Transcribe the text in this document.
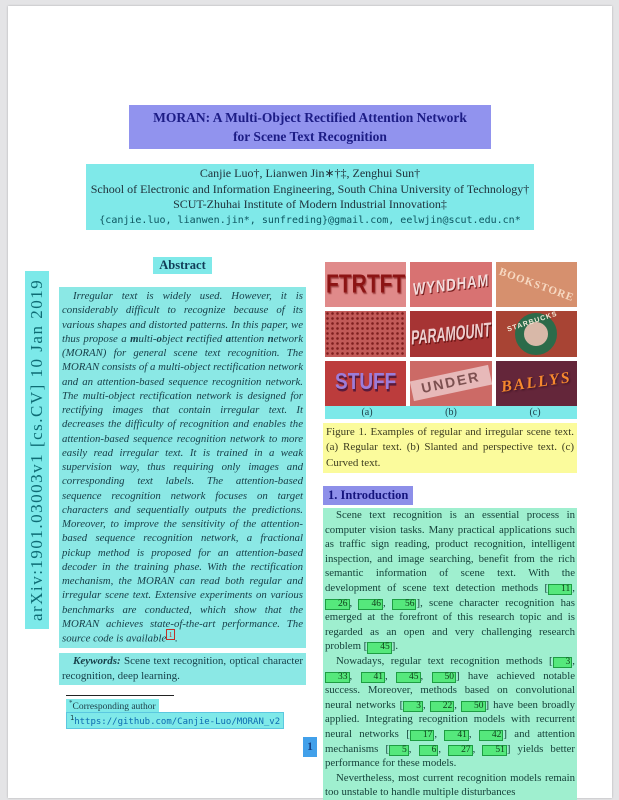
arXiv:1901.03003v1 [cs.CV] 10 Jan 2019
MORAN: A Multi-Object Rectified Attention Network
for Scene Text Recognition
Canjie Luo†, Lianwen Jin∗†‡, Zenghui Sun†
School of Electronic and Information Engineering, South China University of Technology†
SCUT-Zhuhai Institute of Modern Industrial Innovation‡
{canjie.luo, lianwen.jin*, sunfreding}@gmail.com, eelwjin@scut.edu.cn*
Abstract
Irregular text is widely used. However, it is considerably difficult to recognize because of its various shapes and distorted patterns. In this paper, we thus propose a multi-object rectified attention network (MORAN) for general scene text recognition. The MORAN consists of a multi-object rectification network and an attention-based sequence recognition network. The multi-object rectification network is designed for rectifying images that contain irregular text. It decreases the difficulty of recognition and enables the attention-based sequence recognition network to more easily read irregular text. It is trained in a weak supervision way, thus requiring only images and corresponding text labels. The attention-based sequence recognition network focuses on target characters and sequentially outputs the predictions. Moreover, to improve the sensitivity of the attention-based sequence recognition network, a fractional pickup method is proposed for an attention-based decoder in the training phase. With the rectification mechanism, the MORAN can read both regular and irregular scene text. Extensive experiments on various benchmarks are conducted, which show that the MORAN achieves state-of-the-art performance. The source code is available $^1$ .
Keywords: Scene text recognition, optical character recognition, deep learning.
*Corresponding author
$^1$https://github.com/Canjie-Luo/MORAN_v2
FTRTFT WYNDHAM BOOKSTORE
PARAMOUNT STARBUCKS
STUFF	UNDER	BALLYS
(a)	(b)	(c)
Figure 1. Examples of regular and irregular scene text. (a) Regular text. (b) Slanted and perspective text. (c) Curved text.
1. Introduction

Scene text recognition is an essential process in computer vision tasks. Many practical applications such as traffic sign reading, product recognition, intelligent inspection, and image searching, benefit from the rich semantic information of scene text. With the development of scene text detection methods [ 11 , 26 , 46 , 56 ], scene character recognition has emerged at the forefront of this research topic and is regarded as an open and very challenging research problem [ 45 ].

Nowadays, regular text recognition methods [ 3 , 33 , 41 , 45 , 50 ] have achieved notable success. Moreover, methods based on convolutional neural networks [ 3 , 22 , 50 ] have been broadly applied. Integrating recognition models with recurrent neural networks [ 17 , 41 , 42 ] and attention mechanisms [ 5 , 6 , 27 , 51 ] yields better performance for these models.

Nevertheless, most current recognition models remain too unstable to handle multiple disturbances

1
